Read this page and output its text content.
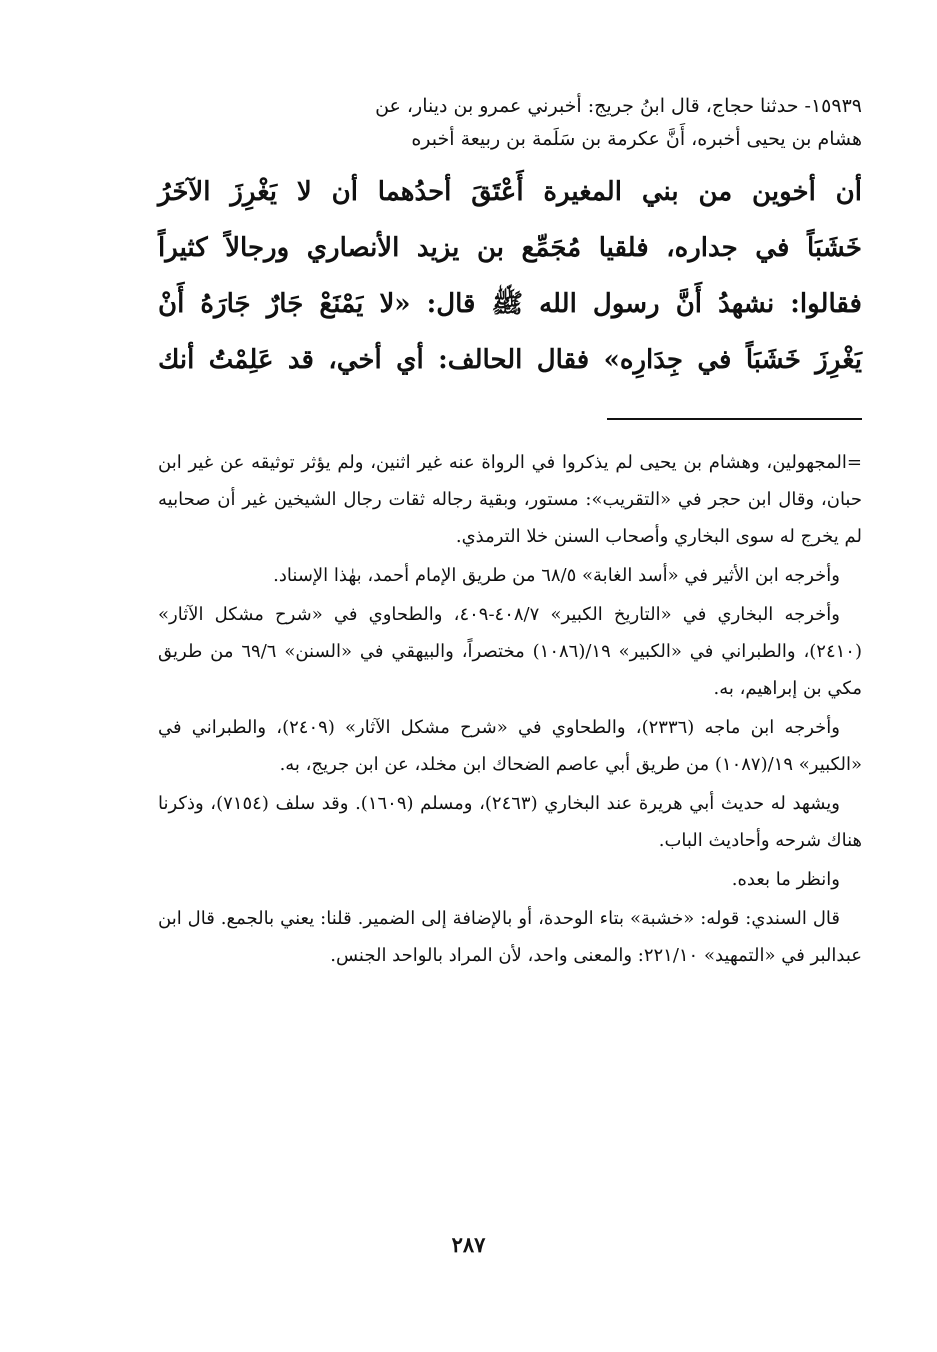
١٥٩٣٩- حدثنا حجاج، قال ابنُ جريج: أخبرني عمرو بن دينار، عن

هشام بن يحيى أخبره، أَنَّ عكرمة بن سَلَمة بن ربيعة أخبره

أن أخوين من بني المغيرة أَعْتَقَ أحدُهما أن لا يَغْرِزَ الآخَرُ

خَشَبَاً في جداره، فلقيا مُجَمِّع بن يزيد الأنصاري ورجالاً كثيراً

فقالوا: نشهدُ أَنَّ رسول الله ﷺ قال: «لا يَمْنَعْ جَارٌ جَارَهُ أَنْ

يَغْرِزَ خَشَبَاً في جِدَارِه» فقال الحالف: أي أخي، قد عَلِمْتُ أنك

=المجهولين، وهشام بن يحيى لم يذكروا في الرواة عنه غير اثنين، ولم يؤثر توثيقه عن غير ابن حبان، وقال ابن حجر في «التقريب»: مستور، وبقية رجاله ثقات رجال الشيخين غير أن صحابيه لم يخرج له سوى البخاري وأصحاب السنن خلا الترمذي.

وأخرجه ابن الأثير في «أسد الغابة» ٦٨/٥ من طريق الإمام أحمد، بهٰذا الإسناد.

وأخرجه البخاري في «التاريخ الكبير» ٤٠٨/٧-٤٠٩، والطحاوي في «شرح مشكل الآثار» (٢٤١٠)، والطبراني في «الكبير» ١٩/(١٠٨٦) مختصراً، والبيهقي في «السنن» ٦٩/٦ من طريق مكي بن إبراهيم، به.

وأخرجه ابن ماجه (٢٣٣٦)، والطحاوي في «شرح مشكل الآثار» (٢٤٠٩)، والطبراني في «الكبير» ١٩/(١٠٨٧) من طريق أبي عاصم الضحاك ابن مخلد، عن ابن جريج، به.

ويشهد له حديث أبي هريرة عند البخاري (٢٤٦٣)، ومسلم (١٦٠٩). وقد سلف (٧١٥٤)، وذكرنا هناك شرحه وأحاديث الباب.

وانظر ما بعده.

قال السندي: قوله: «خشبة» بتاء الوحدة، أو بالإضافة إلى الضمير. قلنا: يعني بالجمع. قال ابن عبدالبر في «التمهيد» ٢٢١/١٠: والمعنى واحد، لأن المراد بالواحد الجنس.

٢٨٧
